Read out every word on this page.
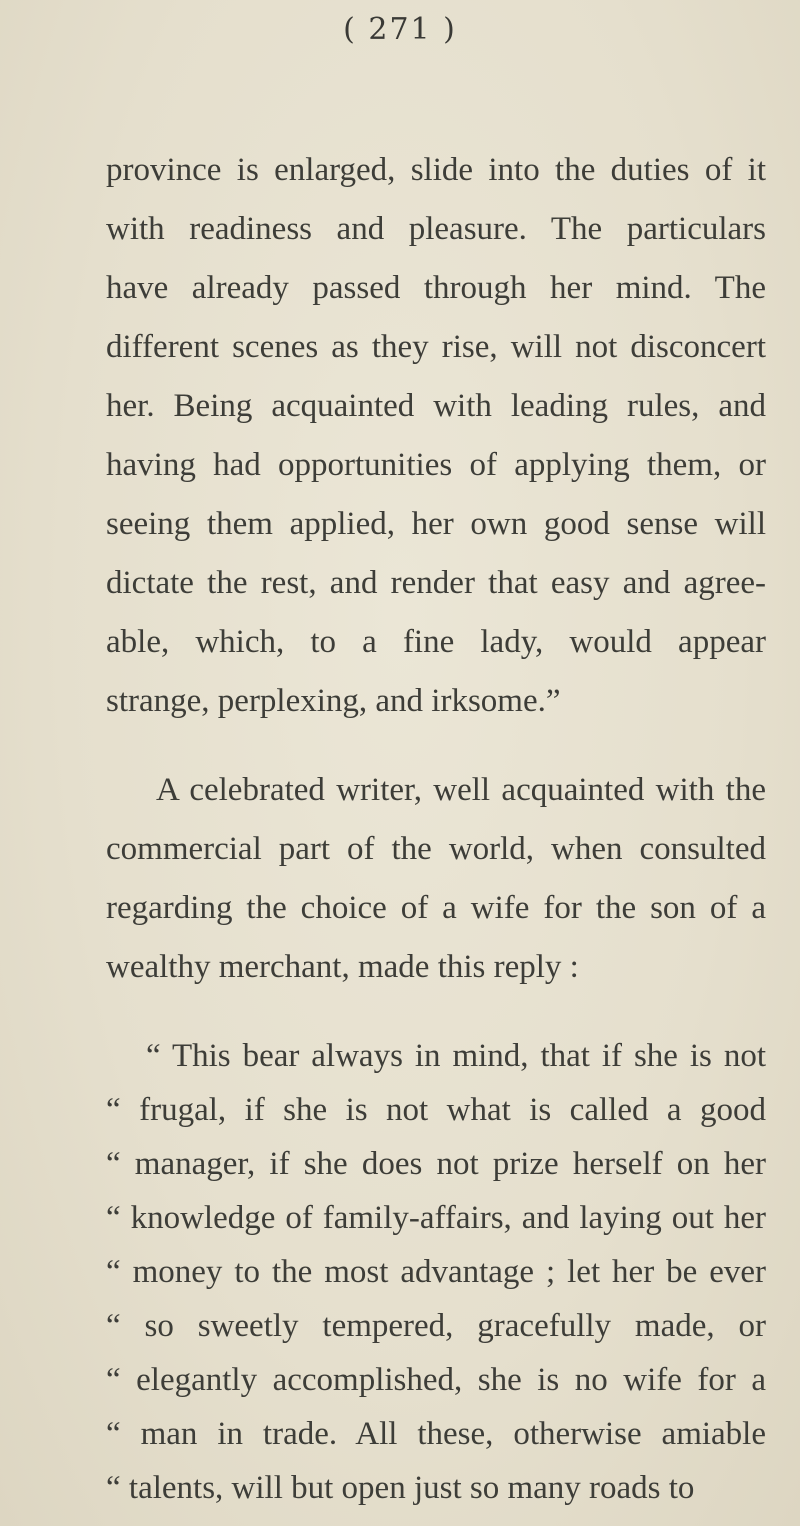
( 271 )
province is enlarged, slide into the duties of it
with readiness and pleasure. The particulars
have already passed through her mind. The
different scenes as they rise, will not disconcert
her. Being acquainted with leading rules, and
having had opportunities of applying them, or
seeing them applied, her own good sense will
dictate the rest, and render that easy and agree-
able, which, to a fine lady, would appear
strange, perplexing, and irksome.”
A celebrated writer, well acquainted with the
commercial part of the world, when consulted
regarding the choice of a wife for the son of a
wealthy merchant, made this reply :
“ This bear always in mind, that if she is not
“ frugal, if she is not what is called a good
“ manager, if she does not prize herself on her
“ knowledge of family-affairs, and laying out her
“ money to the most advantage ; let her be ever
“ so sweetly tempered, gracefully made, or
“ elegantly accomplished, she is no wife for a
“ man in trade. All these, otherwise amiable
“ talents, will but open just so many roads to
